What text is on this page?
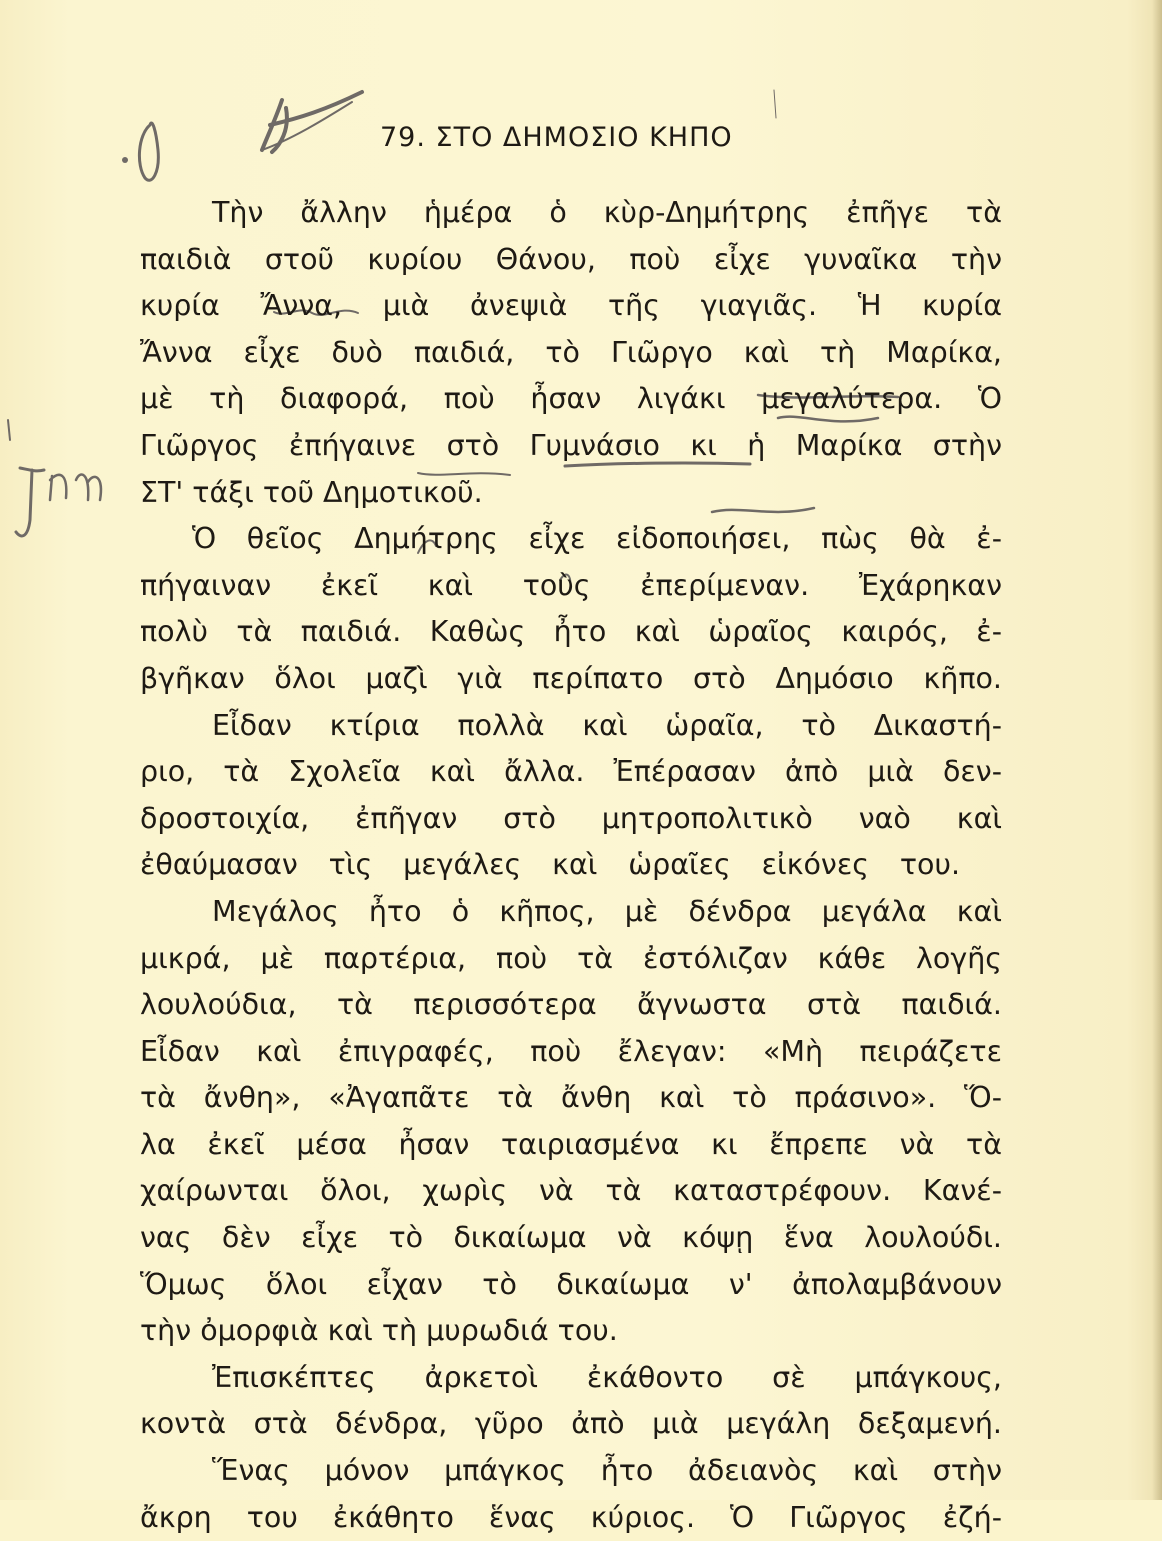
79. ΣΤΟ ΔΗΜΟΣΙΟ ΚΗΠΟ
Τὴν ἄλλην ἡμέρα ὁ κὺρ-Δημήτρης ἐπῆγε τὰ
παιδιὰ στοῦ κυρίου Θάνου, ποὺ εἶχε γυναῖκα τὴν
κυρία Ἄννα, μιὰ ἀνεψιὰ τῆς γιαγιᾶς. Ἡ κυρία
Ἄννα εἶχε δυὸ παιδιά, τὸ Γιῶργο καὶ τὴ Μαρίκα,
μὲ τὴ διαφορά, ποὺ ἦσαν λιγάκι μεγαλύτερα. Ὁ
Γιῶργος ἐπήγαινε στὸ Γυμνάσιο κι ἡ Μαρίκα στὴν
ΣΤ' τάξι τοῦ Δημοτικοῦ.
Ὁ θεῖος Δημήτρης εἶχε εἰδοποιήσει, πὼς θὰ ἐ-
πήγαιναν ἐκεῖ καὶ τοὺς ἐπερίμεναν. Ἐχάρηκαν
πολὺ τὰ παιδιά. Καθὼς ἦτο καὶ ὡραῖος καιρός, ἐ-
βγῆκαν ὅλοι μαζὶ γιὰ περίπατο στὸ Δημόσιο κῆπο.
Εἶδαν κτίρια πολλὰ καὶ ὡραῖα, τὸ Δικαστή-
ριο, τὰ Σχολεῖα καὶ ἄλλα. Ἐπέρασαν ἀπὸ μιὰ δεν-
δροστοιχία, ἐπῆγαν στὸ μητροπολιτικὸ ναὸ καὶ
ἐθαύμασαν τὶς μεγάλες καὶ ὡραῖες εἰκόνες του.
Μεγάλος ἦτο ὁ κῆπος, μὲ δένδρα μεγάλα καὶ
μικρά, μὲ παρτέρια, ποὺ τὰ ἐστόλιζαν κάθε λογῆς
λουλούδια, τὰ περισσότερα ἄγνωστα στὰ παιδιά.
Εἶδαν καὶ ἐπιγραφές, ποὺ ἔλεγαν: «Μὴ πειράζετε
τὰ ἄνθη», «Ἀγαπᾶτε τὰ ἄνθη καὶ τὸ πράσινο». Ὅ-
λα ἐκεῖ μέσα ἦσαν ταιριασμένα κι ἔπρεπε νὰ τὰ
χαίρωνται ὅλοι, χωρὶς νὰ τὰ καταστρέφουν. Κανέ-
νας δὲν εἶχε τὸ δικαίωμα νὰ κόψῃ ἕνα λουλούδι.
Ὅμως ὅλοι εἶχαν τὸ δικαίωμα ν' ἀπολαμβάνουν
τὴν ὀμορφιὰ καὶ τὴ μυρωδιά του.
Ἐπισκέπτες ἀρκετοὶ ἐκάθοντο σὲ μπάγκους,
κοντὰ στὰ δένδρα, γῦρο ἀπὸ μιὰ μεγάλη δεξαμενή.
Ἕνας μόνον μπάγκος ἦτο ἀδειανὸς καὶ στὴν
ἄκρη του ἐκάθητο ἕνας κύριος. Ὁ Γιῶργος ἐζή-
